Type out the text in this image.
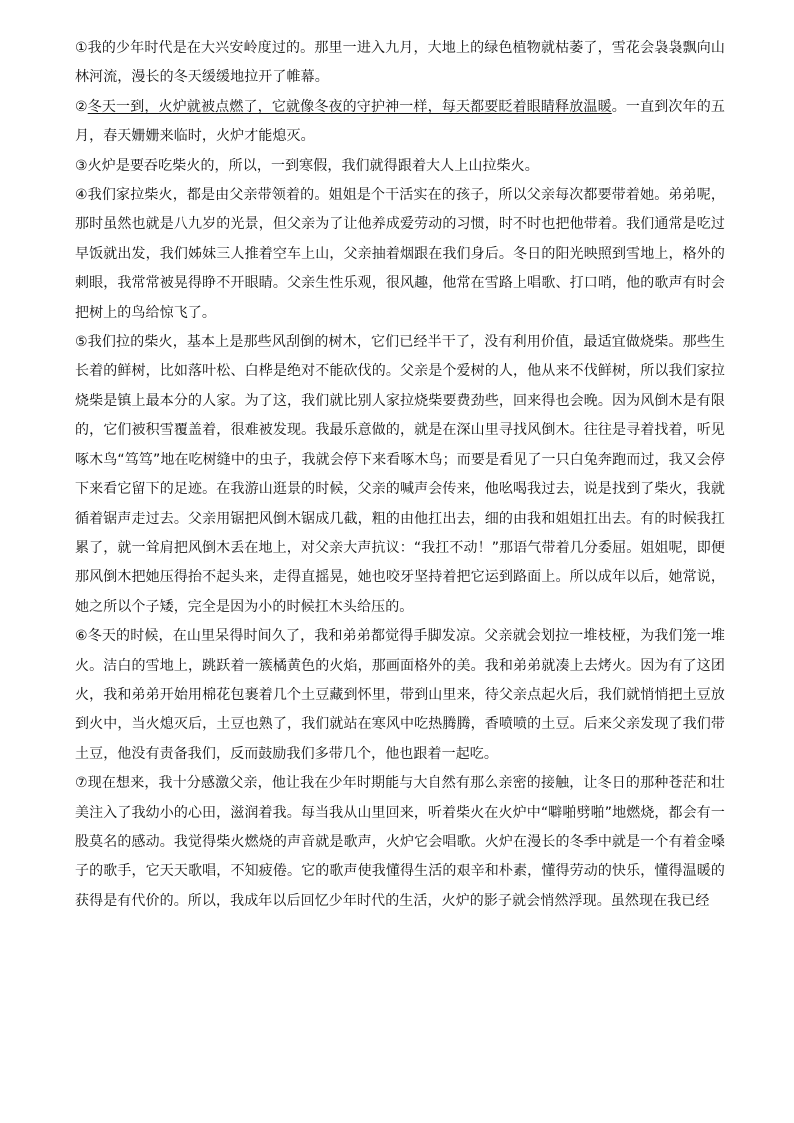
①我的少年时代是在大兴安岭度过的。那里一进入九月，大地上的绿色植物就枯萎了，雪花会袅袅飘向山林河流，漫长的冬天缓缓地拉开了帷幕。

②冬天一到，火炉就被点燃了，它就像冬夜的守护神一样，每天都要眨着眼睛释放温暖。一直到次年的五月，春天姗姗来临时，火炉才能熄灭。

③火炉是要吞吃柴火的，所以，一到寒假，我们就得跟着大人上山拉柴火。

④我们家拉柴火，都是由父亲带领着的。姐姐是个干活实在的孩子，所以父亲每次都要带着她。弟弟呢，那时虽然也就是八九岁的光景，但父亲为了让他养成爱劳动的习惯，时不时也把他带着。我们通常是吃过早饭就出发，我们姊妹三人推着空车上山，父亲抽着烟跟在我们身后。冬日的阳光映照到雪地上，格外的刺眼，我常常被晃得睁不开眼睛。父亲生性乐观，很风趣，他常在雪路上唱歌、打口哨，他的歌声有时会把树上的鸟给惊飞了。

⑤我们拉的柴火，基本上是那些风刮倒的树木，它们已经半干了，没有利用价值，最适宜做烧柴。那些生长着的鲜树，比如落叶松、白桦是绝对不能砍伐的。父亲是个爱树的人，他从来不伐鲜树，所以我们家拉烧柴是镇上最本分的人家。为了这，我们就比别人家拉烧柴要费劲些，回来得也会晚。因为风倒木是有限的，它们被积雪覆盖着，很难被发现。我最乐意做的，就是在深山里寻找风倒木。往往是寻着找着，听见啄木鸟“笃笃”地在吃树缝中的虫子，我就会停下来看啄木鸟；而要是看见了一只白兔奔跑而过，我又会停下来看它留下的足迹。在我游山逛景的时候，父亲的喊声会传来，他吆喝我过去，说是找到了柴火，我就循着锯声走过去。父亲用锯把风倒木锯成几截，粗的由他扛出去，细的由我和姐姐扛出去。有的时候我扛累了，就一耸肩把风倒木丢在地上，对父亲大声抗议：“我扛不动！”那语气带着几分委屈。姐姐呢，即便那风倒木把她压得抬不起头来，走得直摇晃，她也咬牙坚持着把它运到路面上。所以成年以后，她常说，她之所以个子矮，完全是因为小的时候扛木头给压的。

⑥冬天的时候，在山里呆得时间久了，我和弟弟都觉得手脚发凉。父亲就会划拉一堆枝桠，为我们笼一堆火。洁白的雪地上，跳跃着一簇橘黄色的火焰，那画面格外的美。我和弟弟就凑上去烤火。因为有了这团火，我和弟弟开始用棉花包裹着几个土豆藏到怀里，带到山里来，待父亲点起火后，我们就悄悄把土豆放到火中，当火熄灭后，土豆也熟了，我们就站在寒风中吃热腾腾，香喷喷的土豆。后来父亲发现了我们带土豆，他没有责备我们，反而鼓励我们多带几个，他也跟着一起吃。

⑦现在想来，我十分感激父亲，他让我在少年时期能与大自然有那么亲密的接触，让冬日的那种苍茫和壮美注入了我幼小的心田，滋润着我。每当我从山里回来，听着柴火在火炉中“噼啪劈啪”地燃烧，都会有一股莫名的感动。我觉得柴火燃烧的声音就是歌声，火炉它会唱歌。火炉在漫长的冬季中就是一个有着金嗓子的歌手，它天天歌唱，不知疲倦。它的歌声使我懂得生活的艰辛和朴素，懂得劳动的快乐，懂得温暖的获得是有代价的。所以，我成年以后回忆少年时代的生活，火炉的影子就会悄然浮现。虽然现在我已经
